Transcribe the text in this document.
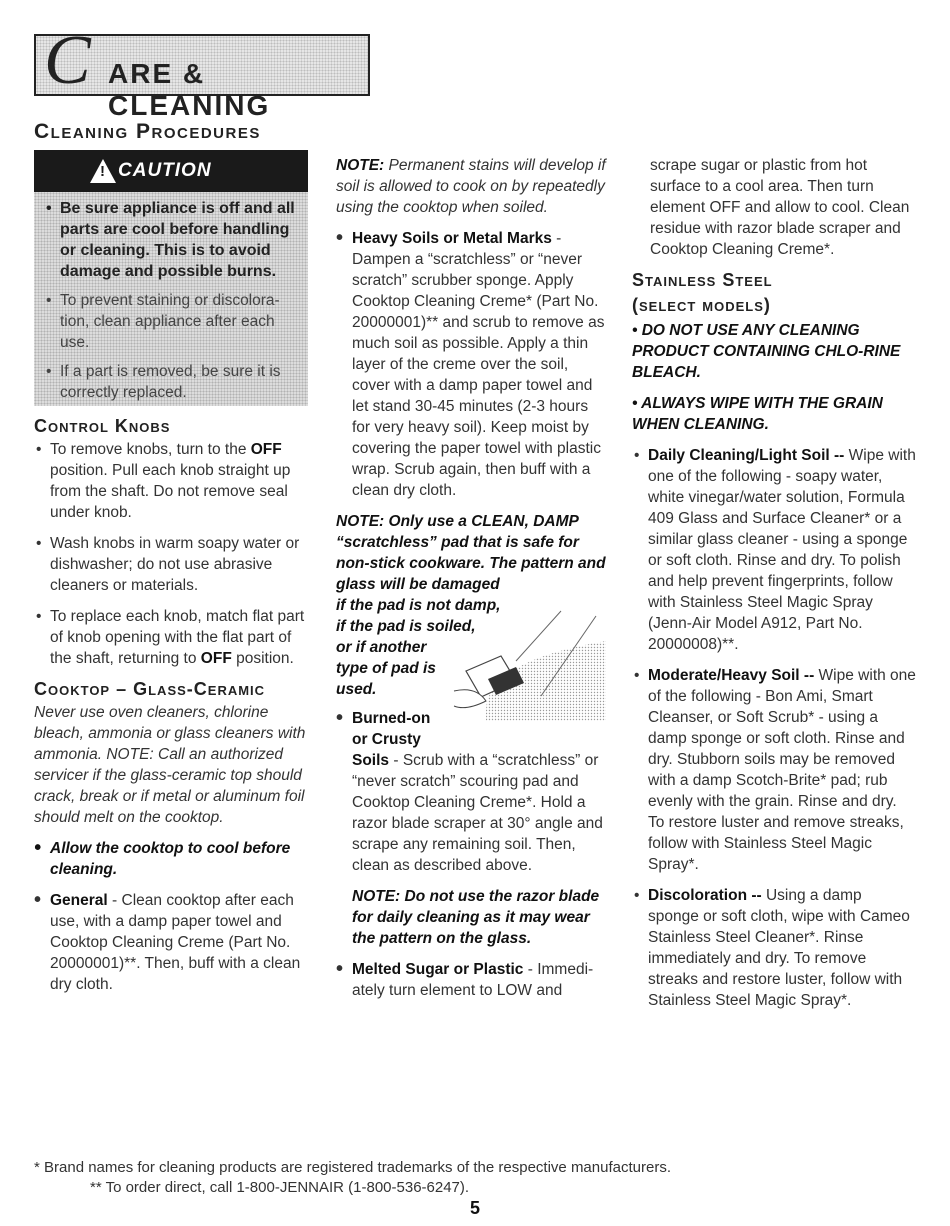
C ARE & CLEANING
Cleaning Procedures
!
CAUTION
• Be sure appliance is off and all parts are cool before handling or cleaning. This is to avoid damage and possible burns.
• To prevent staining or discolora-tion, clean appliance after each use.
• If a part is removed, be sure it is correctly replaced.
Control Knobs
• To remove knobs, turn to the OFF position. Pull each knob straight up from the shaft. Do not remove seal under knob.
• Wash knobs in warm soapy water or dishwasher; do not use abrasive cleaners or materials.
• To replace each knob, match flat part of knob opening with the flat part of the shaft, returning to OFF position.
Cooktop – Glass-Ceramic

Never use oven cleaners, chlorine bleach, ammonia or glass cleaners with ammonia. NOTE: Call an authorized servicer if the glass-ceramic top should crack, break or if metal or aluminum foil should melt on the cooktop.

• Allow the cooktop to cool before cleaning.
• General - Clean cooktop after each use, with a damp paper towel and Cooktop Cleaning Creme (Part No. 20000001)**. Then, buff with a clean dry cloth.

NOTE: Permanent stains will develop if soil is allowed to cook on by repeatedly using the cooktop when soiled.

• Heavy Soils or Metal Marks - Dampen a “scratchless” or “never scratch” scrubber sponge. Apply Cooktop Cleaning Creme* (Part No. 20000001)** and scrub to remove as much soil as possible. Apply a thin layer of the creme over the soil, cover with a damp paper towel and let stand 30-45 minutes (2-3 hours for very heavy soil). Keep moist by covering the paper towel with plastic wrap. Scrub again, then buff with a clean dry cloth.

NOTE: Only use a CLEAN, DAMP “scratchless” pad that is safe for non-stick cookware. The pattern and glass will be damaged

if the pad is not damp,

if the pad is soiled,

or if another

type of pad is

used.

• Burned-on

or Crusty

Soils - Scrub with a “scratchless” or “never scratch” scouring pad and Cooktop Cleaning Creme*. Hold a razor blade scraper at 30° angle and scrape any remaining soil. Then, clean as described above.

NOTE: Do not use the razor blade for daily cleaning as it may wear the pattern on the glass.

• Melted Sugar or Plastic - Immedi-ately turn element to LOW and

scrape sugar or plastic from hot surface to a cool area. Then turn element OFF and allow to cool. Clean residue with razor blade scraper and Cooktop Cleaning Creme*.

Stainless Steel
(select models)

• DO NOT USE ANY CLEANING PRODUCT CONTAINING CHLO-RINE BLEACH.

• ALWAYS WIPE WITH THE GRAIN WHEN CLEANING.

• Daily Cleaning/Light Soil -- Wipe with one of the following - soapy water, white vinegar/water solution, Formula 409 Glass and Surface Cleaner* or a similar glass cleaner - using a sponge or soft cloth. Rinse and dry. To polish and help prevent fingerprints, follow with Stainless Steel Magic Spray (Jenn-Air Model A912, Part No. 20000008)**.
• Moderate/Heavy Soil -- Wipe with one of the following - Bon Ami, Smart Cleanser, or Soft Scrub* - using a damp sponge or soft cloth. Rinse and dry. Stubborn soils may be removed with a damp Scotch-Brite* pad; rub evenly with the grain. Rinse and dry. To restore luster and remove streaks, follow with Stainless Steel Magic Spray*.
• Discoloration -- Using a damp sponge or soft cloth, wipe with Cameo Stainless Steel Cleaner*. Rinse immediately and dry. To remove streaks and restore luster, follow with Stainless Steel Magic Spray*.
* Brand names for cleaning products are registered trademarks of the respective manufacturers.
** To order direct, call 1-800-JENNAIR (1-800-536-6247).
5
